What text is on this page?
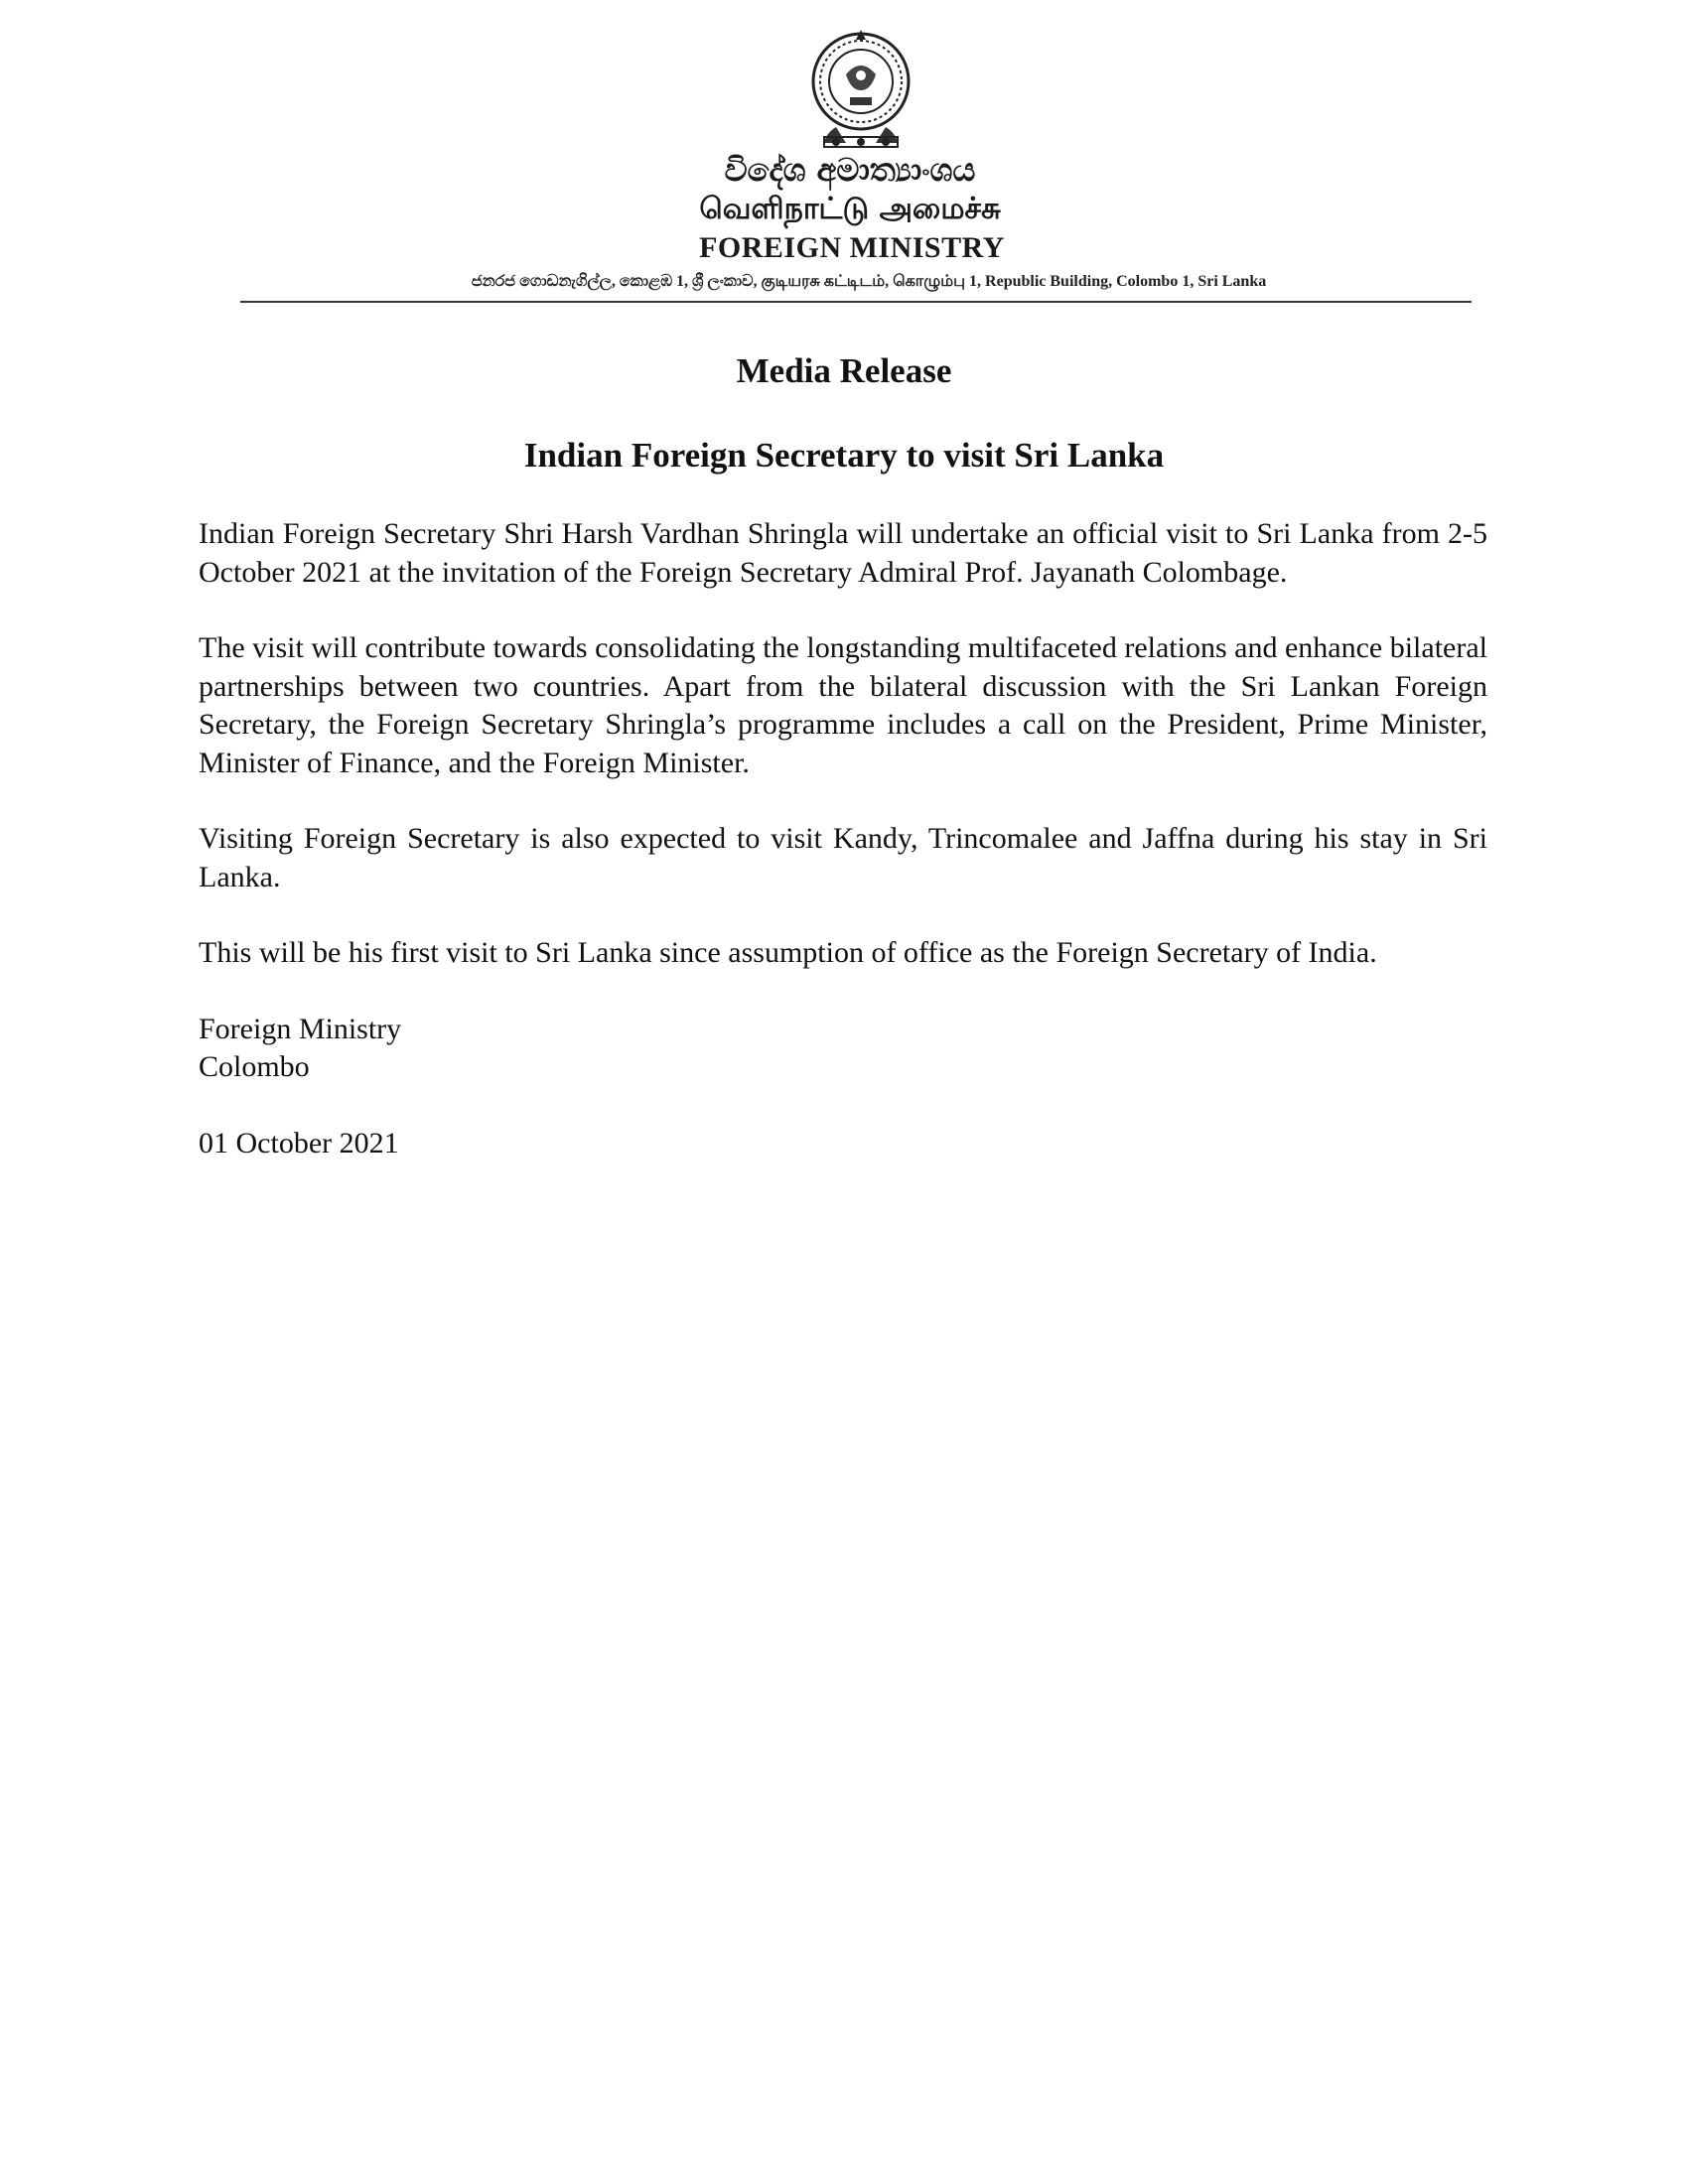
විදේශ අමාත්‍යාංශය
வெளிநாட்டு அமைச்சு
FOREIGN MINISTRY
ජනරජ ගොඩනැගිල්ල, කොළඹ 1, ශ්‍රී ලංකාව, குடியரசு கட்டிடம், கொழும்பு 1, Republic Building, Colombo 1, Sri Lanka
Media Release
Indian Foreign Secretary to visit Sri Lanka

Indian Foreign Secretary Shri Harsh Vardhan Shringla will undertake an official visit to Sri Lanka from 2-5 October 2021 at the invitation of the Foreign Secretary Admiral Prof. Jayanath Colombage.

The visit will contribute towards consolidating the longstanding multifaceted relations and enhance bilateral partnerships between two countries. Apart from the bilateral discussion with the Sri Lankan Foreign Secretary, the Foreign Secretary Shringla’s programme includes a call on the President, Prime Minister, Minister of Finance, and the Foreign Minister.

Visiting Foreign Secretary is also expected to visit Kandy, Trincomalee and Jaffna during his stay in Sri Lanka.

This will be his first visit to Sri Lanka since assumption of office as the Foreign Secretary of India.

Foreign Ministry
Colombo
01 October 2021
